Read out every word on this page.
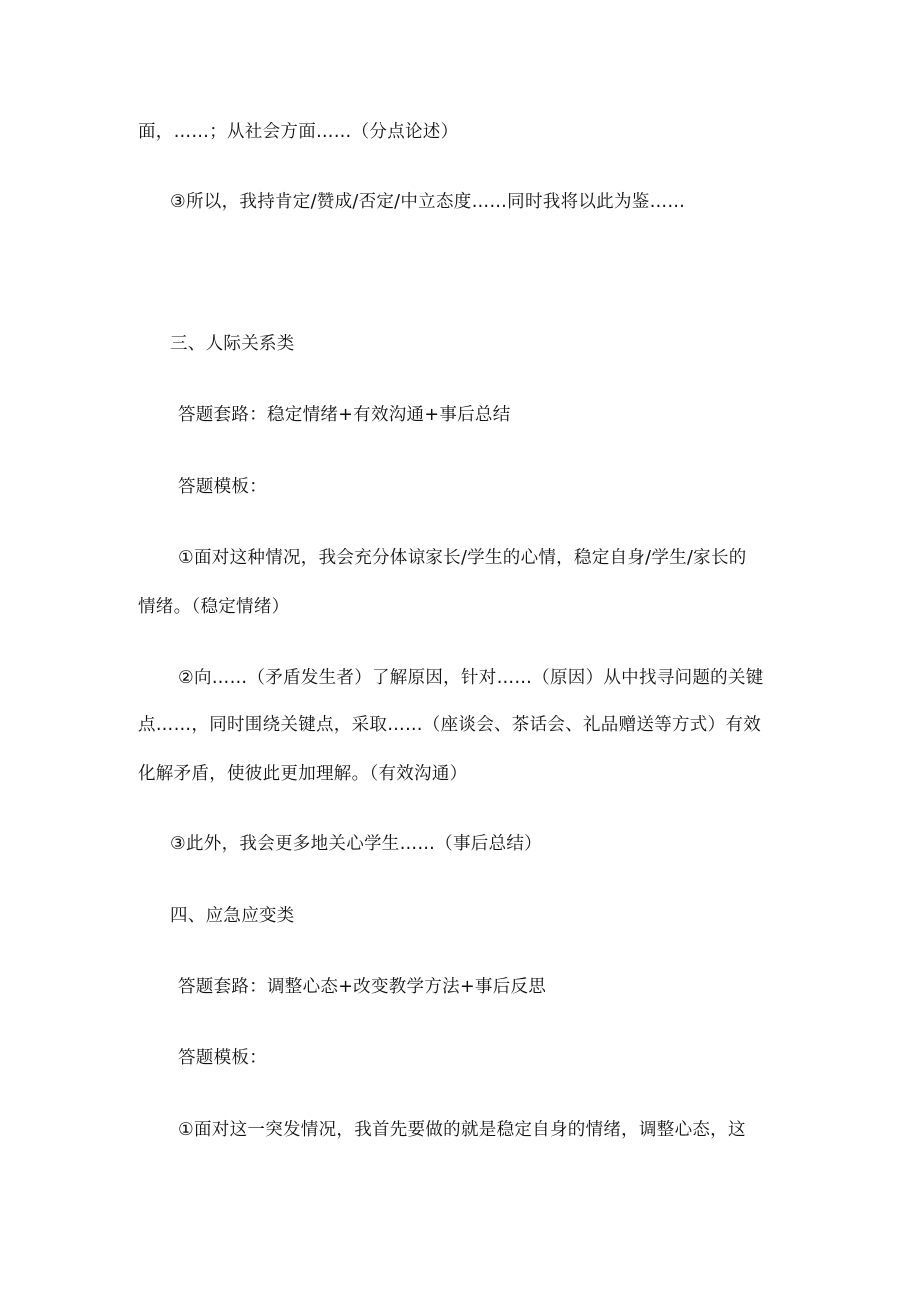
面，……；从社会方面……（分点论述）
③所以，我持肯定/赞成/否定/中立态度……同时我将以此为鉴……
三、人际关系类
答题套路：稳定情绪+有效沟通+事后总结
答题模板：
①面对这种情况，我会充分体谅家长/学生的心情，稳定自身/学生/家长的
情绪。（稳定情绪）
②向……（矛盾发生者）了解原因，针对……（原因）从中找寻问题的关键
点……，同时围绕关键点，采取……（座谈会、茶话会、礼品赠送等方式）有效
化解矛盾，使彼此更加理解。（有效沟通）
③此外，我会更多地关心学生……（事后总结）
四、应急应变类
答题套路：调整心态+改变教学方法+事后反思
答题模板：
①面对这一突发情况，我首先要做的就是稳定自身的情绪，调整心态，这
